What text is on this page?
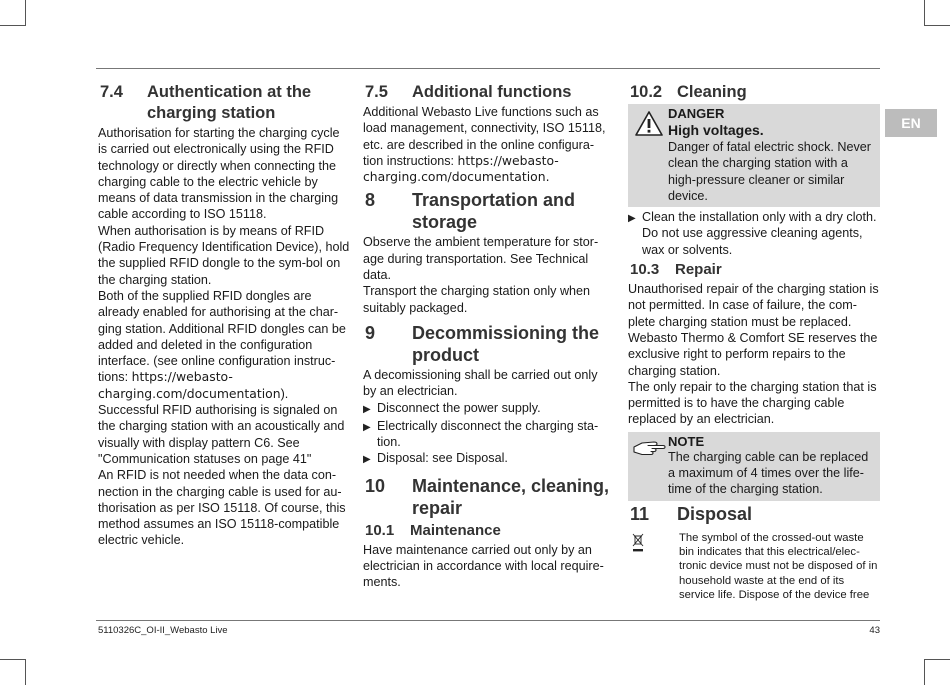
EN
7.4	Authentication at the charging station

Authorisation for starting the charging cycle is carried out electronically using the RFID technology or directly when connecting the charging cable to the electric vehicle by means of data transmission in the charging cable according to ISO 15118.

When authorisation is by means of RFID (Radio Frequency Identification Device), hold the supplied RFID dongle to the sym-bol on the charging station.

Both of the supplied RFID dongles are already enabled for authorising at the char-ging station. Additional RFID dongles can be added and deleted in the configuration interface. (see online configuration instruc-tions: https://webasto-charging.com/documentation).

Successful RFID authorising is signaled on the charging station with an acoustically and visually with display pattern C6. See "Communication statuses on page 41"

An RFID is not needed when the data con-nection in the charging cable is used for au-thorisation as per ISO 15118. Of course, this method assumes an ISO 15118-compatible electric vehicle.

7.5	Additional functions

Additional Webasto Live functions such as load management, connectivity, ISO 15118, etc. are described in the online configura-tion instructions: https://webasto-charging.com/documentation.

8	Transportation and storage

Observe the ambient temperature for stor-age during transportation. See Technical data.

Transport the charging station only when suitably packaged.

9	Decommissioning the product

A decomissioning shall be carried out only by an electrician.

▶ Disconnect the power supply.
▶ Electrically disconnect the charging sta-tion.
▶ Disposal: see Disposal.
10	Maintenance, cleaning, repair
10.1	Maintenance

Have maintenance carried out only by an electrician in accordance with local require-ments.

10.2 Cleaning
DANGER
High voltages.

Danger of fatal electric shock. Never clean the charging station with a high-pressure cleaner or similar device.

▶ Clean the installation only with a dry cloth. Do not use aggressive cleaning agents, wax or solvents.
10.3	Repair

Unauthorised repair of the charging station is not permitted. In case of failure, the com-plete charging station must be replaced. Webasto Thermo & Comfort SE reserves the exclusive right to perform repairs to the charging station.

The only repair to the charging station that is permitted is to have the charging cable replaced by an electrician.

NOTE

The charging cable can be replaced a maximum of 4 times over the life-time of the charging station.

11	Disposal

The symbol of the crossed-out waste bin indicates that this electrical/elec-tronic device must not be disposed of in household waste at the end of its service life. Dispose of the device free

5110326C_OI-II_Webasto Live	43
